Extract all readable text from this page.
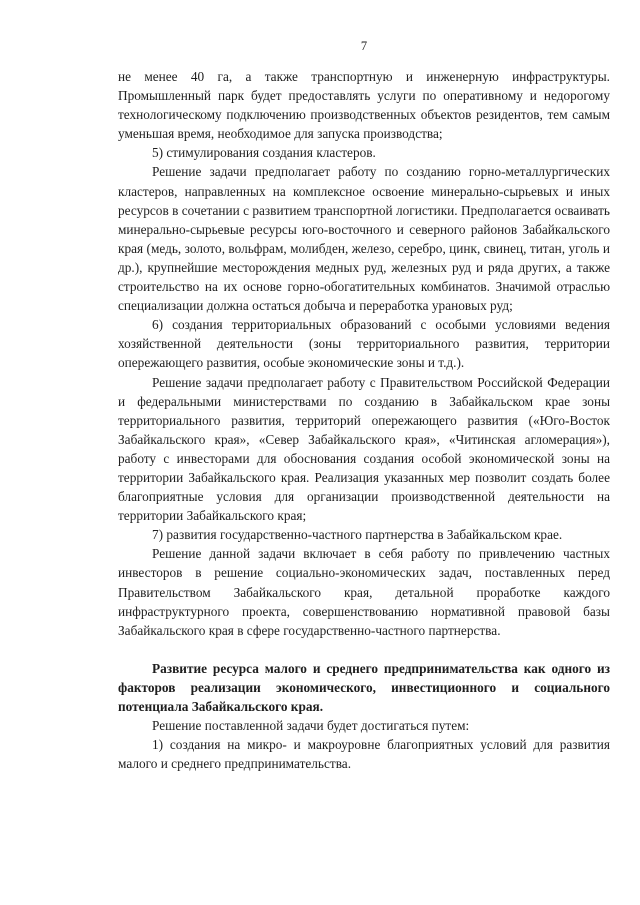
7

не менее 40 га, а также транспортную и инженерную инфраструктуры. Промышленный парк будет предоставлять услуги по оперативному и недорогому технологическому подключению производственных объектов резидентов, тем самым уменьшая время, необходимое для запуска производства;

5) стимулирования создания кластеров.

Решение задачи предполагает работу по созданию горно-металлургических кластеров, направленных на комплексное освоение минерально-сырьевых и иных ресурсов в сочетании с развитием транспортной логистики. Предполагается осваивать минерально-сырьевые ресурсы юго-восточного и северного районов Забайкальского края (медь, золото, вольфрам, молибден, железо, серебро, цинк, свинец, титан, уголь и др.), крупнейшие месторождения медных руд, железных руд и ряда других, а также строительство на их основе горно-обогатительных комбинатов. Значимой отраслью специализации должна остаться добыча и переработка урановых руд;

6) создания территориальных образований с особыми условиями ведения хозяйственной деятельности (зоны территориального развития, территории опережающего развития, особые экономические зоны и т.д.).

Решение задачи предполагает работу с Правительством Российской Федерации и федеральными министерствами по созданию в Забайкальском крае зоны территориального развития, территорий опережающего развития («Юго-Восток Забайкальского края», «Север Забайкальского края», «Читинская агломерация»), работу с инвесторами для обоснования создания особой экономической зоны на территории Забайкальского края. Реализация указанных мер позволит создать более благоприятные условия для организации производственной деятельности на территории Забайкальского края;

7) развития государственно-частного партнерства в Забайкальском крае.

Решение данной задачи включает в себя работу по привлечению частных инвесторов в решение социально-экономических задач, поставленных перед Правительством Забайкальского края, детальной проработке каждого инфраструктурного проекта, совершенствованию нормативной правовой базы Забайкальского края в сфере государственно-частного партнерства.

Развитие ресурса малого и среднего предпринимательства как одного из факторов реализации экономического, инвестиционного и социального потенциала Забайкальского края.

Решение поставленной задачи будет достигаться путем:

1) создания на микро- и макроуровне благоприятных условий для развития малого и среднего предпринимательства.
